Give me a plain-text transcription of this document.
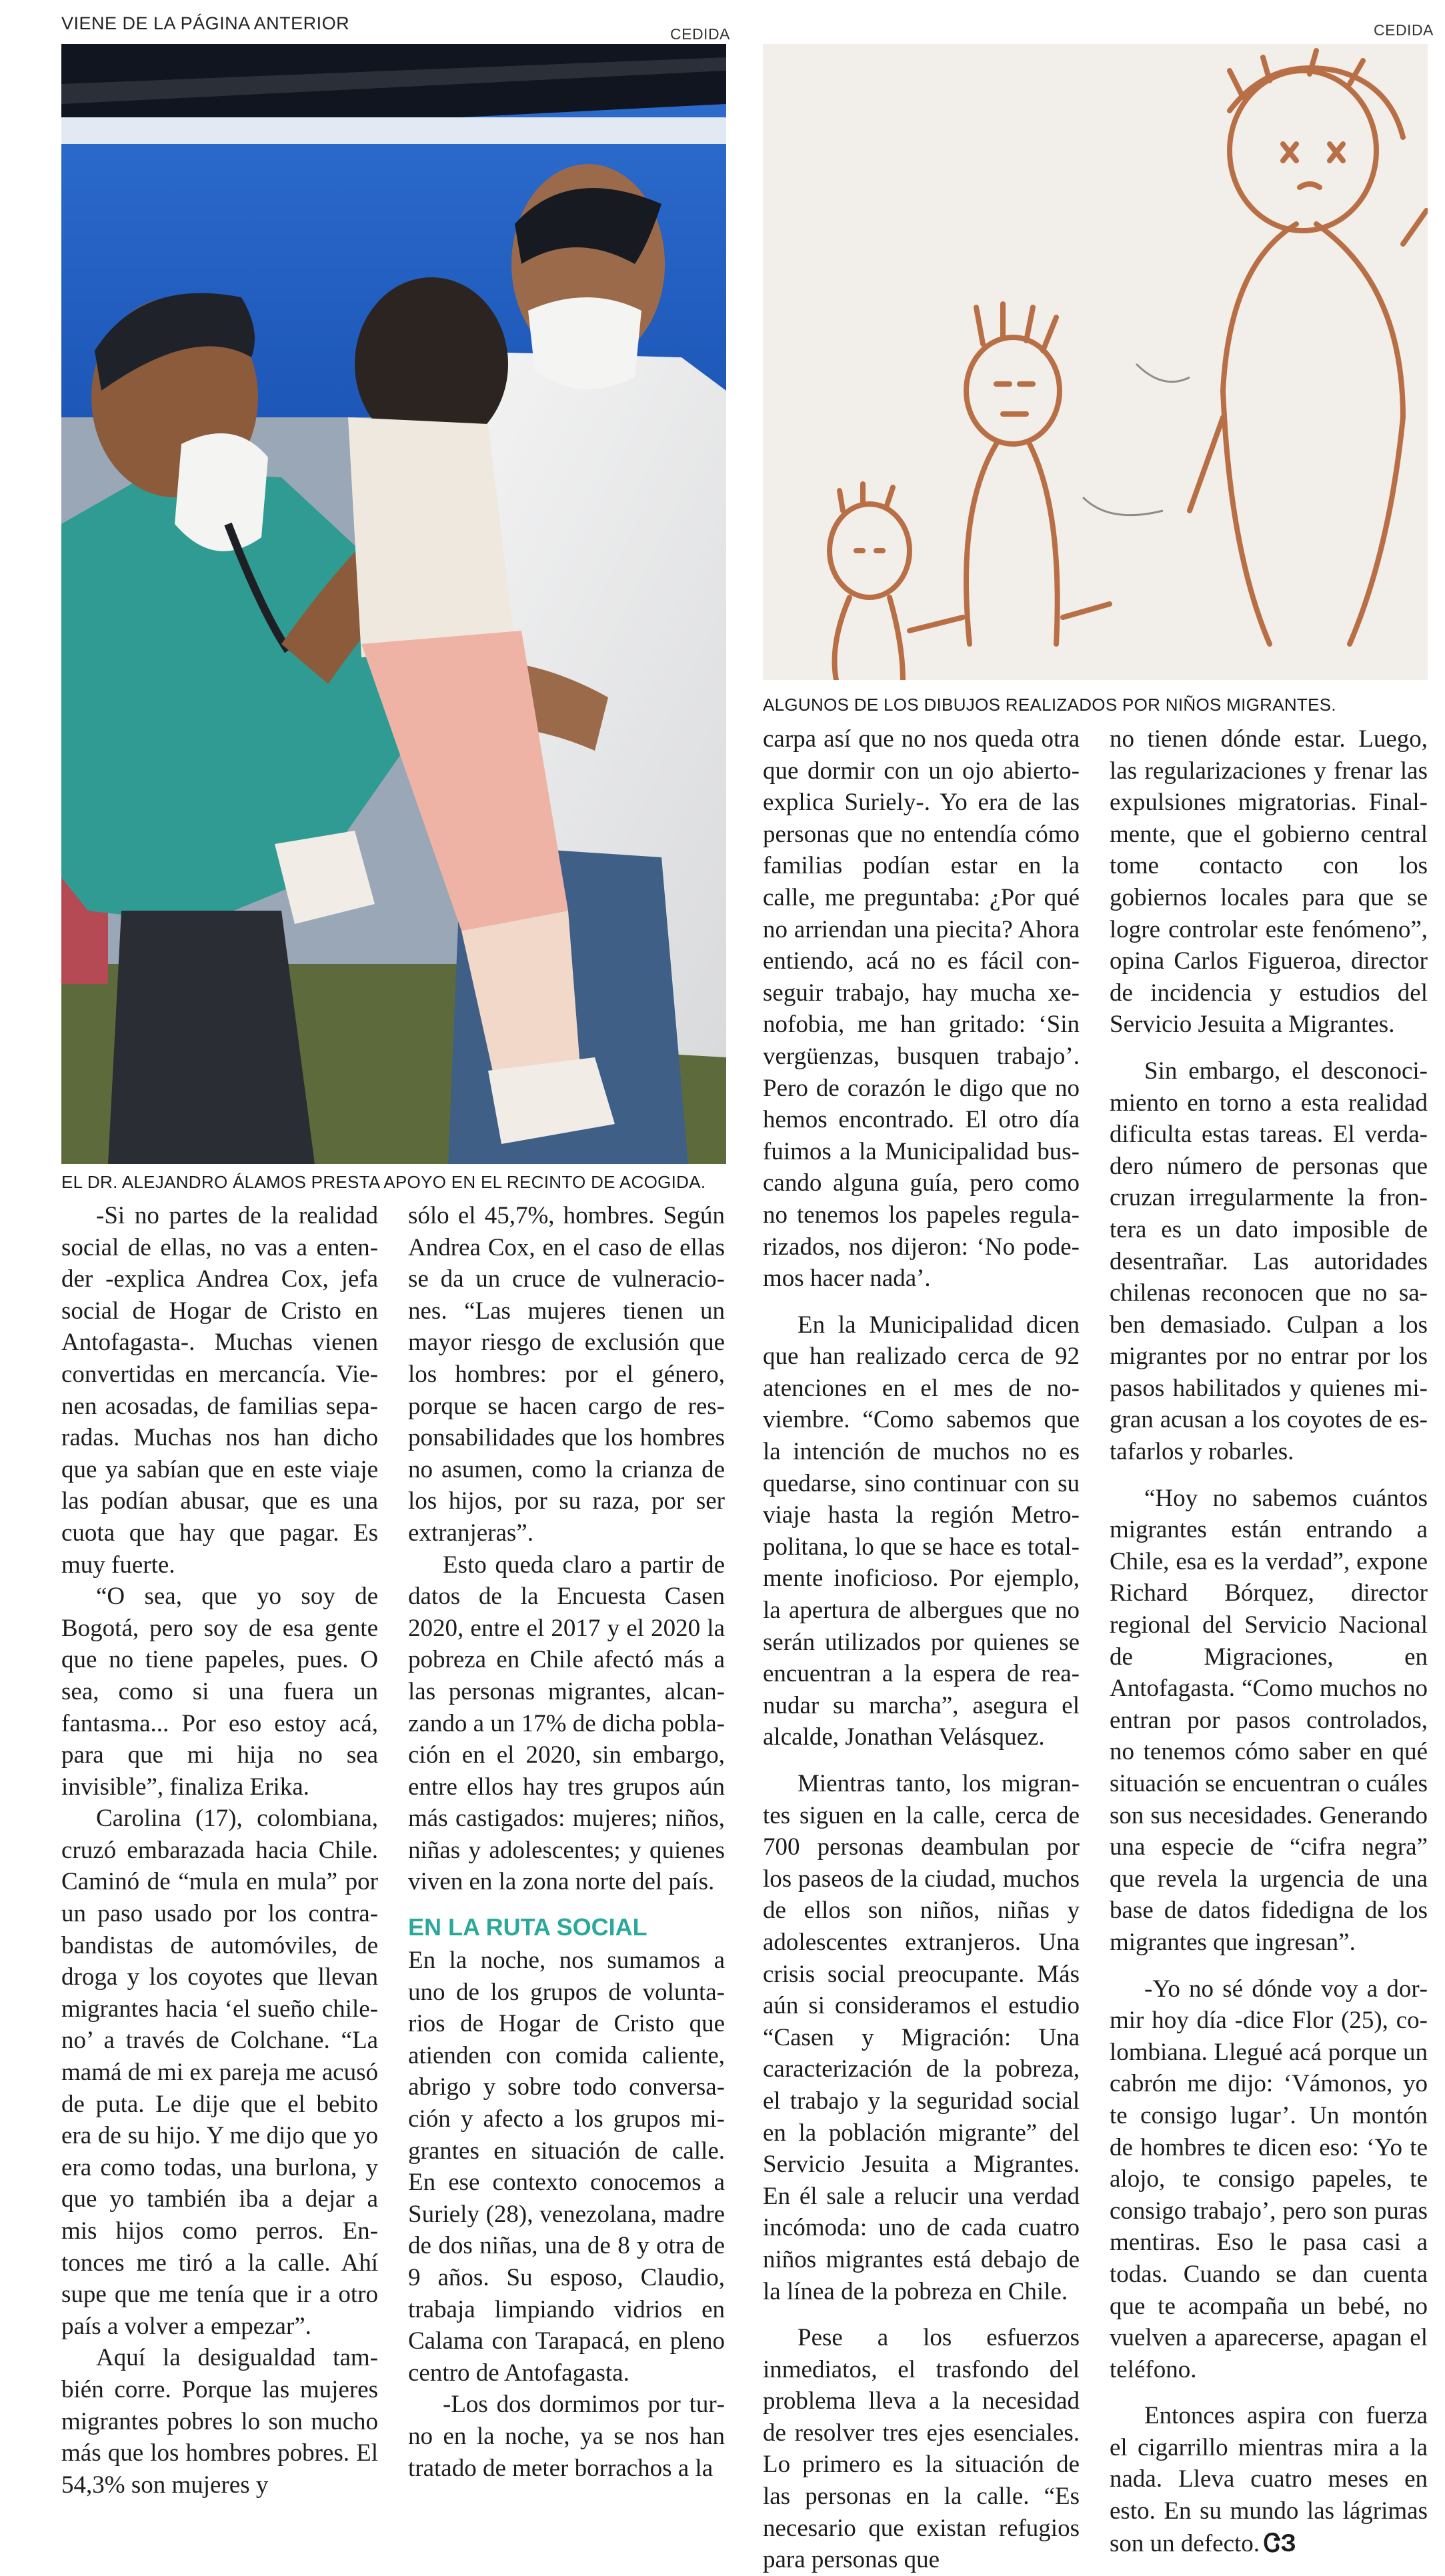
VIENE DE LA PÁGINA ANTERIOR
CEDIDA	CEDIDA
ALGUNOS DE LOS DIBUJOS REALIZADOS POR NIÑOS MIGRANTES.
EL DR. ALEJANDRO ÁLAMOS PRESTA APOYO EN EL RECINTO DE ACOGIDA.

-Si no partes de la realidad social de ellas, no vas a entender -explica Andrea Cox, jefa social de Hogar de Cristo en Antofagasta-. Muchas vienen convertidas en mercancía. Vienen acosadas, de familias separadas. Muchas nos han dicho que ya sabían que en este viaje las podían abusar, que es una cuota que hay que pagar. Es muy fuerte.

“O sea, que yo soy de Bogotá, pero soy de esa gente que no tiene papeles, pues. O sea, como si una fuera un fantasma... Por eso estoy acá, para que mi hija no sea invisible”, finaliza Erika.

Carolina (17), colombiana, cruzó embarazada hacia Chile. Caminó de “mula en mula” por un paso usado por los contrabandistas de automóviles, de droga y los coyotes que llevan migrantes hacia ‘el sueño chileno’ a través de Colchane. “La mamá de mi ex pareja me acusó de puta. Le dije que el bebito era de su hijo. Y me dijo que yo era como todas, una burlona, y que yo también iba a dejar a mis hijos como perros. Entonces me tiró a la calle. Ahí supe que me tenía que ir a otro país a volver a empezar”.

Aquí la desigualdad también corre. Porque las mujeres migrantes pobres lo son mucho más que los hombres pobres. El 54,3% son mujeres y

sólo el 45,7%, hombres. Según Andrea Cox, en el caso de ellas se da un cruce de vulneraciones. “Las mujeres tienen un mayor riesgo de exclusión que los hombres: por el género, porque se hacen cargo de responsabilidades que los hombres no asumen, como la crianza de los hijos, por su raza, por ser extranjeras”.

Esto queda claro a partir de datos de la Encuesta Casen 2020, entre el 2017 y el 2020 la pobreza en Chile afectó más a las personas migrantes, alcanzando a un 17% de dicha población en el 2020, sin embargo, entre ellos hay tres grupos aún más castigados: mujeres; niños, niñas y adolescentes; y quienes viven en la zona norte del país.

EN LA RUTA SOCIAL

En la noche, nos sumamos a uno de los grupos de voluntarios de Hogar de Cristo que atienden con comida caliente, abrigo y sobre todo conversación y afecto a los grupos migrantes en situación de calle. En ese contexto conocemos a Suriely (28), venezolana, madre de dos niñas, una de 8 y otra de 9 años. Su esposo, Claudio, trabaja limpiando vidrios en Calama con Tarapacá, en pleno centro de Antofagasta.

-Los dos dormimos por turno en la noche, ya se nos han tratado de meter borrachos a la

carpa así que no nos queda otra que dormir con un ojo abierto-explica Suriely-. Yo era de las personas que no entendía cómo familias podían estar en la calle, me preguntaba: ¿Por qué no arriendan una piecita? Ahora entiendo, acá no es fácil conseguir trabajo, hay mucha xenofobia, me han gritado: ‘Sin vergüenzas, busquen trabajo’. Pero de corazón le digo que no hemos encontrado. El otro día fuimos a la Municipalidad buscando alguna guía, pero como no tenemos los papeles regularizados, nos dijeron: ‘No podemos hacer nada’.

En la Municipalidad dicen que han realizado cerca de 92 atenciones en el mes de noviembre. “Como sabemos que la intención de muchos no es quedarse, sino continuar con su viaje hasta la región Metropolitana, lo que se hace es totalmente inoficioso. Por ejemplo, la apertura de albergues que no serán utilizados por quienes se encuentran a la espera de reanudar su marcha”, asegura el alcalde, Jonathan Velásquez.

Mientras tanto, los migrantes siguen en la calle, cerca de 700 personas deambulan por los paseos de la ciudad, muchos de ellos son niños, niñas y adolescentes extranjeros. Una crisis social preocupante. Más aún si consideramos el estudio “Casen y Migración: Una caracterización de la pobreza, el trabajo y la seguridad social en la población migrante” del Servicio Jesuita a Migrantes. En él sale a relucir una verdad incómoda: uno de cada cuatro niños migrantes está debajo de la línea de la pobreza en Chile.

Pese a los esfuerzos inmediatos, el trasfondo del problema lleva a la necesidad de resolver tres ejes esenciales. Lo primero es la situación de las personas en la calle. “Es necesario que existan refugios para personas que

no tienen dónde estar. Luego, las regularizaciones y frenar las expulsiones migratorias. Finalmente, que el gobierno central tome contacto con los gobiernos locales para que se logre controlar este fenómeno”, opina Carlos Figueroa, director de incidencia y estudios del Servicio Jesuita a Migrantes.

Sin embargo, el desconocimiento en torno a esta realidad dificulta estas tareas. El verdadero número de personas que cruzan irregularmente la frontera es un dato imposible de desentrañar. Las autoridades chilenas reconocen que no saben demasiado. Culpan a los migrantes por no entrar por los pasos habilitados y quienes migran acusan a los coyotes de estafarlos y robarles.

“Hoy no sabemos cuántos migrantes están entrando a Chile, esa es la verdad”, expone Richard Bórquez, director regional del Servicio Nacional de Migraciones, en Antofagasta. “Como muchos no entran por pasos controlados, no tenemos cómo saber en qué situación se encuentran o cuáles son sus necesidades. Generando una especie de “cifra negra” que revela la urgencia de una base de datos fidedigna de los migrantes que ingresan”.

-Yo no sé dónde voy a dormir hoy día -dice Flor (25), colombiana. Llegué acá porque un cabrón me dijo: ‘Vámonos, yo te consigo lugar’. Un montón de hombres te dicen eso: ‘Yo te alojo, te consigo papeles, te consigo trabajo’, pero son puras mentiras. Eso le pasa casi a todas. Cuando se dan cuenta que te acompaña un bebé, no vuelven a aparecerse, apagan el teléfono.

Entonces aspira con fuerza el cigarrillo mientras mira a la nada. Lleva cuatro meses en esto. En su mundo las lágrimas son un defecto. ᏣЗ
